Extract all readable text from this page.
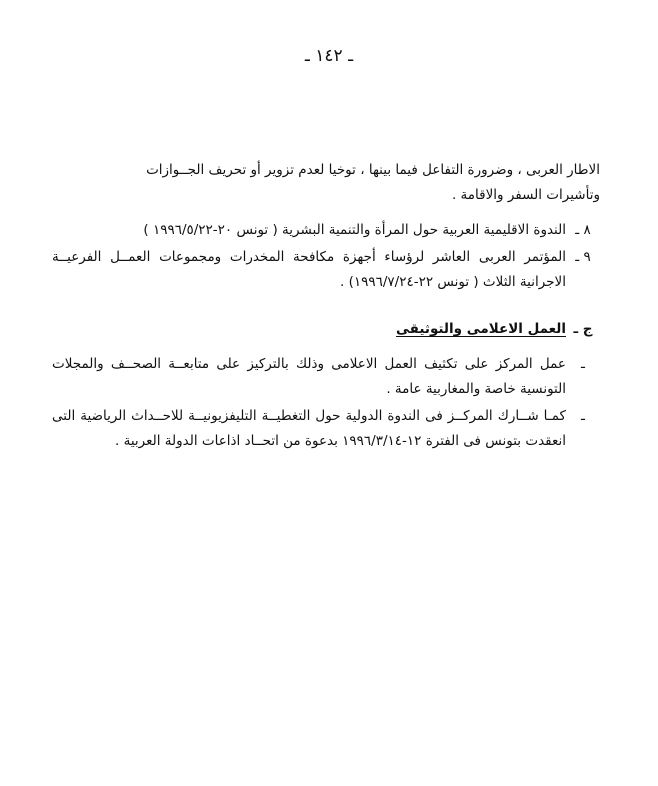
ـ ١٤٢ ـ

الاطار العربى ، وضرورة التفاعل فيما بينها ، توخيا لعدم تزوير أو تحريف الجــوازات
وتأشيرات السفر والاقامة .

٨ ـ
الندوة الاقليمية العربية حول المرأة والتنمية البشرية ( تونس ٢٠-١٩٩٦/٥/٢٢ )
٩ ـ
المؤتمر العربى العاشر لرؤساء أجهزة مكافحة المخدرات ومجموعات العمــل الفرعيــة الاجرانية الثلاث ( تونس ٢٢-١٩٩٦/٧/٢٤) .
ج ـ
العمل الاعلامى والتوثيقى
ـ
عمل المركز على تكثيف العمل الاعلامى وذلك بالتركيز على متابعــة الصحــف والمجلات التونسية خاصة والمغاربية عامة .
ـ
كمـا شــارك المركــز فى الندوة الدولية حول التغطيــة التليفزيونيــة للاحــداث الرياضية التى انعقدت بتونس فى الفترة ١٢-١٩٩٦/٣/١٤ بدعوة من اتحــاد اذاعات الدولة العربية .
